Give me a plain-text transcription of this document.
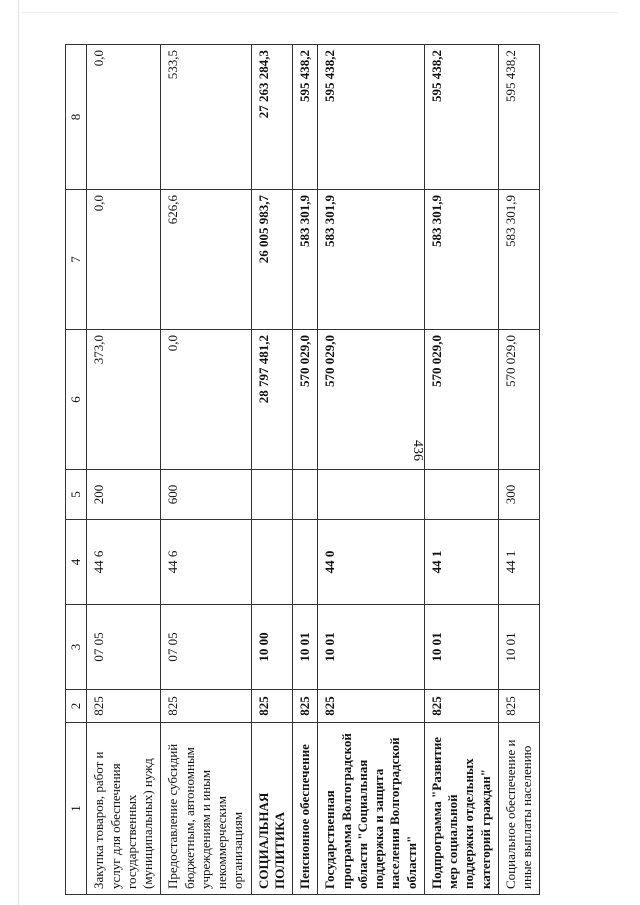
436
1	2	3	4	5	6	7	8
Закупка товаров, работ и услуг для обеспечения государственных (муниципальных) нужд	825	07 05	44 6	200	373,0	0,0	0,0
Предоставление субсидий бюджетным, автономным учреждениям и иным некоммерческим организациям	825	07 05	44 6	600	0,0	626,6	533,5
СОЦИАЛЬНАЯ ПОЛИТИКА	825	10 00			28 797 481,2	26 005 983,7	27 263 284,3
Пенсионное обеспечение	825	10 01			570 029,0	583 301,9	595 438,2
Государственная программа Волгоградской области "Социальная поддержка и защита населения Волгоградской области"	825	10 01	44 0		570 029,0	583 301,9	595 438,2
Подпрограмма "Развитие мер социальной поддержки отдельных категорий граждан"	825	10 01	44 1		570 029,0	583 301,9	595 438,2
Социальное обеспечение и иные выплаты населению	825	10 01	44 1	300	570 029,0	583 301,9	595 438,2
